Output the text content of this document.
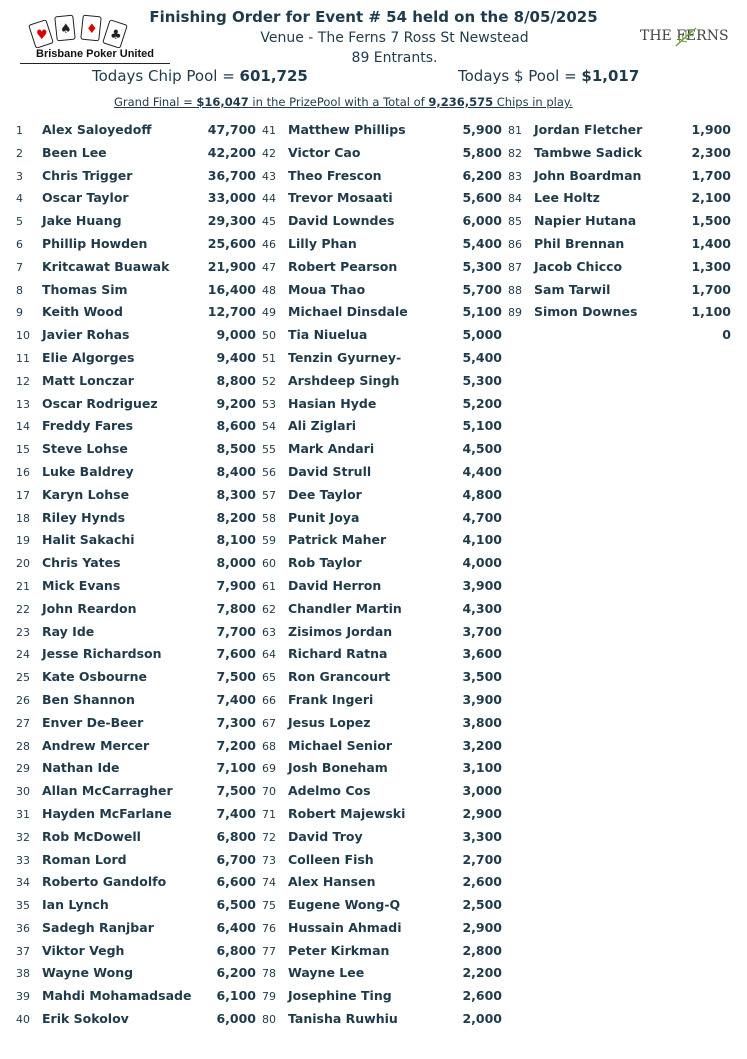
♥ ♠ ♦ ♣
Brisbane Poker United
THE FERNS
Finishing Order for Event # 54 held on the 8/05/2025
Venue - The Ferns 7 Ross St Newstead
89 Entrants.
Todays Chip Pool = 601,725	Todays $ Pool = $1,017
Grand Final = $16,047 in the PrizePool with a Total of 9,236,575 Chips in play.
1 Alex Saloyedoff	47,700
2 Been Lee	42,200
3 Chris Trigger	36,700
4 Oscar Taylor	33,000
5 Jake Huang	29,300
6 Phillip Howden	25,600
7 Kritcawat Buawak	21,900
8 Thomas Sim	16,400
9 Keith Wood	12,700
10 Javier Rohas	9,000
11 Elie Algorges	9,400
12 Matt Lonczar	8,800
13 Oscar Rodriguez	9,200
14 Freddy Fares	8,600
15 Steve Lohse	8,500
16 Luke Baldrey	8,400
17 Karyn Lohse	8,300
18 Riley Hynds	8,200
19 Halit Sakachi	8,100
20 Chris Yates	8,000
21 Mick Evans	7,900
22 John Reardon	7,800
23 Ray Ide	7,700
24 Jesse Richardson	7,600
25 Kate Osbourne	7,500
26 Ben Shannon	7,400
27 Enver De-Beer	7,300
28 Andrew Mercer	7,200
29 Nathan Ide	7,100
30 Allan McCarragher	7,500
31 Hayden McFarlane	7,400
32 Rob McDowell	6,800
33 Roman Lord	6,700
34 Roberto Gandolfo	6,600
35 Ian Lynch	6,500
36 Sadegh Ranjbar	6,400
37 Viktor Vegh	6,800
38 Wayne Wong	6,200
39 Mahdi Mohamadsade 6,100
40 Erik Sokolov	6,000
41 Matthew Phillips	5,900
42 Victor Cao	5,800
43 Theo Frescon	6,200
44 Trevor Mosaati	5,600
45 David Lowndes	6,000
46 Lilly Phan	5,400
47 Robert Pearson	5,300
48 Moua Thao	5,700
49 Michael Dinsdale	5,100
50 Tia Niuelua	5,000
51 Tenzin Gyurney-	5,400
52 Arshdeep Singh	5,300
53 Hasian Hyde	5,200
54 Ali Ziglari	5,100
55 Mark Andari	4,500
56 David Strull	4,400
57 Dee Taylor	4,800
58 Punit Joya	4,700
59 Patrick Maher	4,100
60 Rob Taylor	4,000
61 David Herron	3,900
62 Chandler Martin	4,300
63 Zisimos Jordan	3,700
64 Richard Ratna	3,600
65 Ron Grancourt	3,500
66 Frank Ingeri	3,900
67 Jesus Lopez	3,800
68 Michael Senior	3,200
69 Josh Boneham	3,100
70 Adelmo Cos	3,000
71 Robert Majewski	2,900
72 David Troy	3,300
73 Colleen Fish	2,700
74 Alex Hansen	2,600
75 Eugene Wong-Q	2,500
76 Hussain Ahmadi	2,900
77 Peter Kirkman	2,800
78 Wayne Lee	2,200
79 Josephine Ting	2,600
80 Tanisha Ruwhiu	2,000
81 Jordan Fletcher	1,900
82 Tambwe Sadick	2,300
83 John Boardman	1,700
84 Lee Holtz	2,100
85 Napier Hutana	1,500
86 Phil Brennan	1,400
87 Jacob Chicco	1,300
88 Sam Tarwil	1,700
89 Simon Downes	1,100
0
